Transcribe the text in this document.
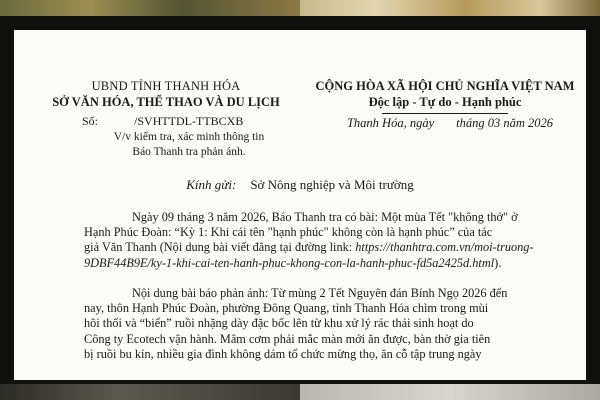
UBND TỈNH THANH HÓA
SỞ VĂN HÓA, THỂ THAO VÀ DU LỊCH
CỘNG HÒA XÃ HỘI CHỦ NGHĨA VIỆT NAM
Độc lập - Tự do - Hạnh phúc
Số:	/SVHTTDL-TTBCXB
V/v kiểm tra, xác minh thông tin
Báo Thanh tra phản ánh.
Thanh Hóa, ngày tháng 03 năm 2026
Kính gửi: Sở Nông nghiệp và Môi trường
Ngày 09 tháng 3 năm 2026, Báo Thanh tra có bài: Một mùa Tết "không thở" ở
Hạnh Phúc Đoàn: “Kỳ 1: Khi cái tên "hạnh phúc" không còn là hạnh phúc” của tác
giả Văn Thanh (Nội dung bài viết đăng tại đường link: https://thanhtra.com.vn/moi-truong-
9DBF44B9E/ky-1-khi-cai-ten-hanh-phuc-khong-con-la-hanh-phuc-fd5a2425d.html).
Nội dung bài báo phản ánh: Từ mùng 2 Tết Nguyên đán Bính Ngọ 2026 đến
nay, thôn Hạnh Phúc Đoàn, phường Đông Quang, tỉnh Thanh Hóa chìm trong mùi
hôi thối và “biển” ruồi nhặng dày đặc bốc lên từ khu xử lý rác thải sinh hoạt do
Công ty Ecotech vận hành. Mâm cơm phải mắc màn mới ăn được, bàn thờ gia tiên
bị ruồi bu kín, nhiều gia đình không dám tổ chức mừng thọ, ăn cỗ tập trung ngày
